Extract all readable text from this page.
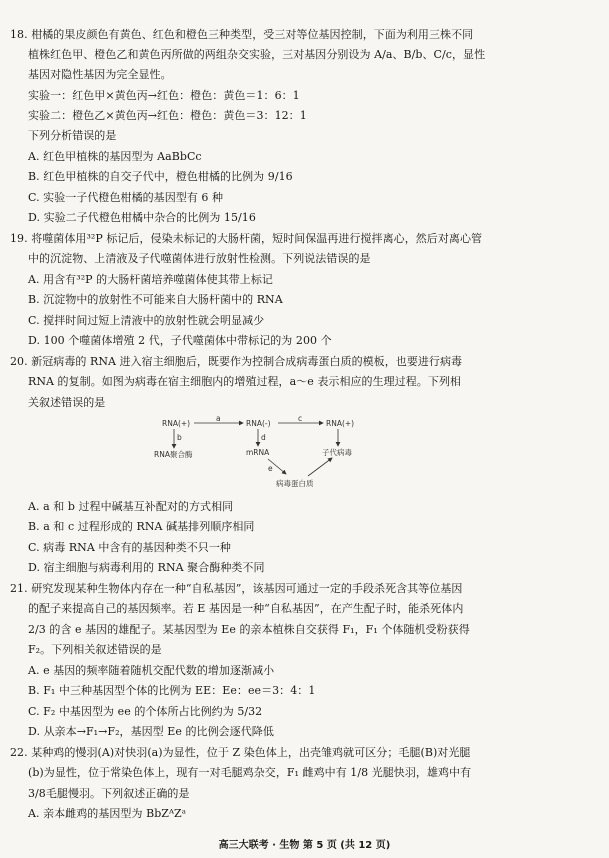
18. 柑橘的果皮颜色有黄色、红色和橙色三种类型，受三对等位基因控制，下面为利用三株不同
植株红色甲、橙色乙和黄色丙所做的两组杂交实验，三对基因分别设为 A/a、B/b、C/c，显性
基因对隐性基因为完全显性。
实验一：红色甲×黄色丙→红色：橙色：黄色＝1：6：1
实验二：橙色乙×黄色丙→红色：橙色：黄色＝3：12：1
下列分析错误的是
A. 红色甲植株的基因型为 AaBbCc
B. 红色甲植株的自交子代中，橙色柑橘的比例为 9/16
C. 实验一子代橙色柑橘的基因型有 6 种
D. 实验二子代橙色柑橘中杂合的比例为 15/16
19. 将噬菌体用³²P 标记后，侵染未标记的大肠杆菌，短时间保温再进行搅拌离心，然后对离心管
中的沉淀物、上清液及子代噬菌体进行放射性检测。下列说法错误的是
A. 用含有³²P 的大肠杆菌培养噬菌体使其带上标记
B. 沉淀物中的放射性不可能来自大肠杆菌中的 RNA
C. 搅拌时间过短上清液中的放射性就会明显减少
D. 100 个噬菌体增殖 2 代，子代噬菌体中带标记的为 200 个
20. 新冠病毒的 RNA 进入宿主细胞后，既要作为控制合成病毒蛋白质的模板，也要进行病毒
RNA 的复制。如图为病毒在宿主细胞内的增殖过程，a～e 表示相应的生理过程。下列相
关叙述错误的是
RNA(+)	RNA(-)	RNA(+)
a	c
b	d
RNA聚合酶	mRNA	子代病毒
e
病毒蛋白质
A. a 和 b 过程中碱基互补配对的方式相同
B. a 和 c 过程形成的 RNA 碱基排列顺序相同
C. 病毒 RNA 中含有的基因种类不只一种
D. 宿主细胞与病毒利用的 RNA 聚合酶种类不同
21. 研究发现某种生物体内存在一种“自私基因”，该基因可通过一定的手段杀死含其等位基因
的配子来提高自己的基因频率。若 E 基因是一种“自私基因”，在产生配子时，能杀死体内
2/3 的含 e 基因的雄配子。某基因型为 Ee 的亲本植株自交获得 F₁，F₁ 个体随机受粉获得
F₂。下列相关叙述错误的是
A. e 基因的频率随着随机交配代数的增加逐渐减小
B. F₁ 中三种基因型个体的比例为 EE：Ee：ee＝3：4：1
C. F₂ 中基因型为 ee 的个体所占比例约为 5/32
D. 从亲本→F₁→F₂，基因型 Ee 的比例会逐代降低
22. 某种鸡的慢羽(A)对快羽(a)为显性，位于 Z 染色体上，出壳雏鸡就可区分；毛腿(B)对光腿
(b)为显性，位于常染色体上，现有一对毛腿鸡杂交，F₁ 雌鸡中有 1/8 光腿快羽，雄鸡中有
3/8毛腿慢羽。下列叙述正确的是
A. 亲本雌鸡的基因型为 BbZᴬZᵃ
高三大联考 · 生物 第 5 页 (共 12 页)
